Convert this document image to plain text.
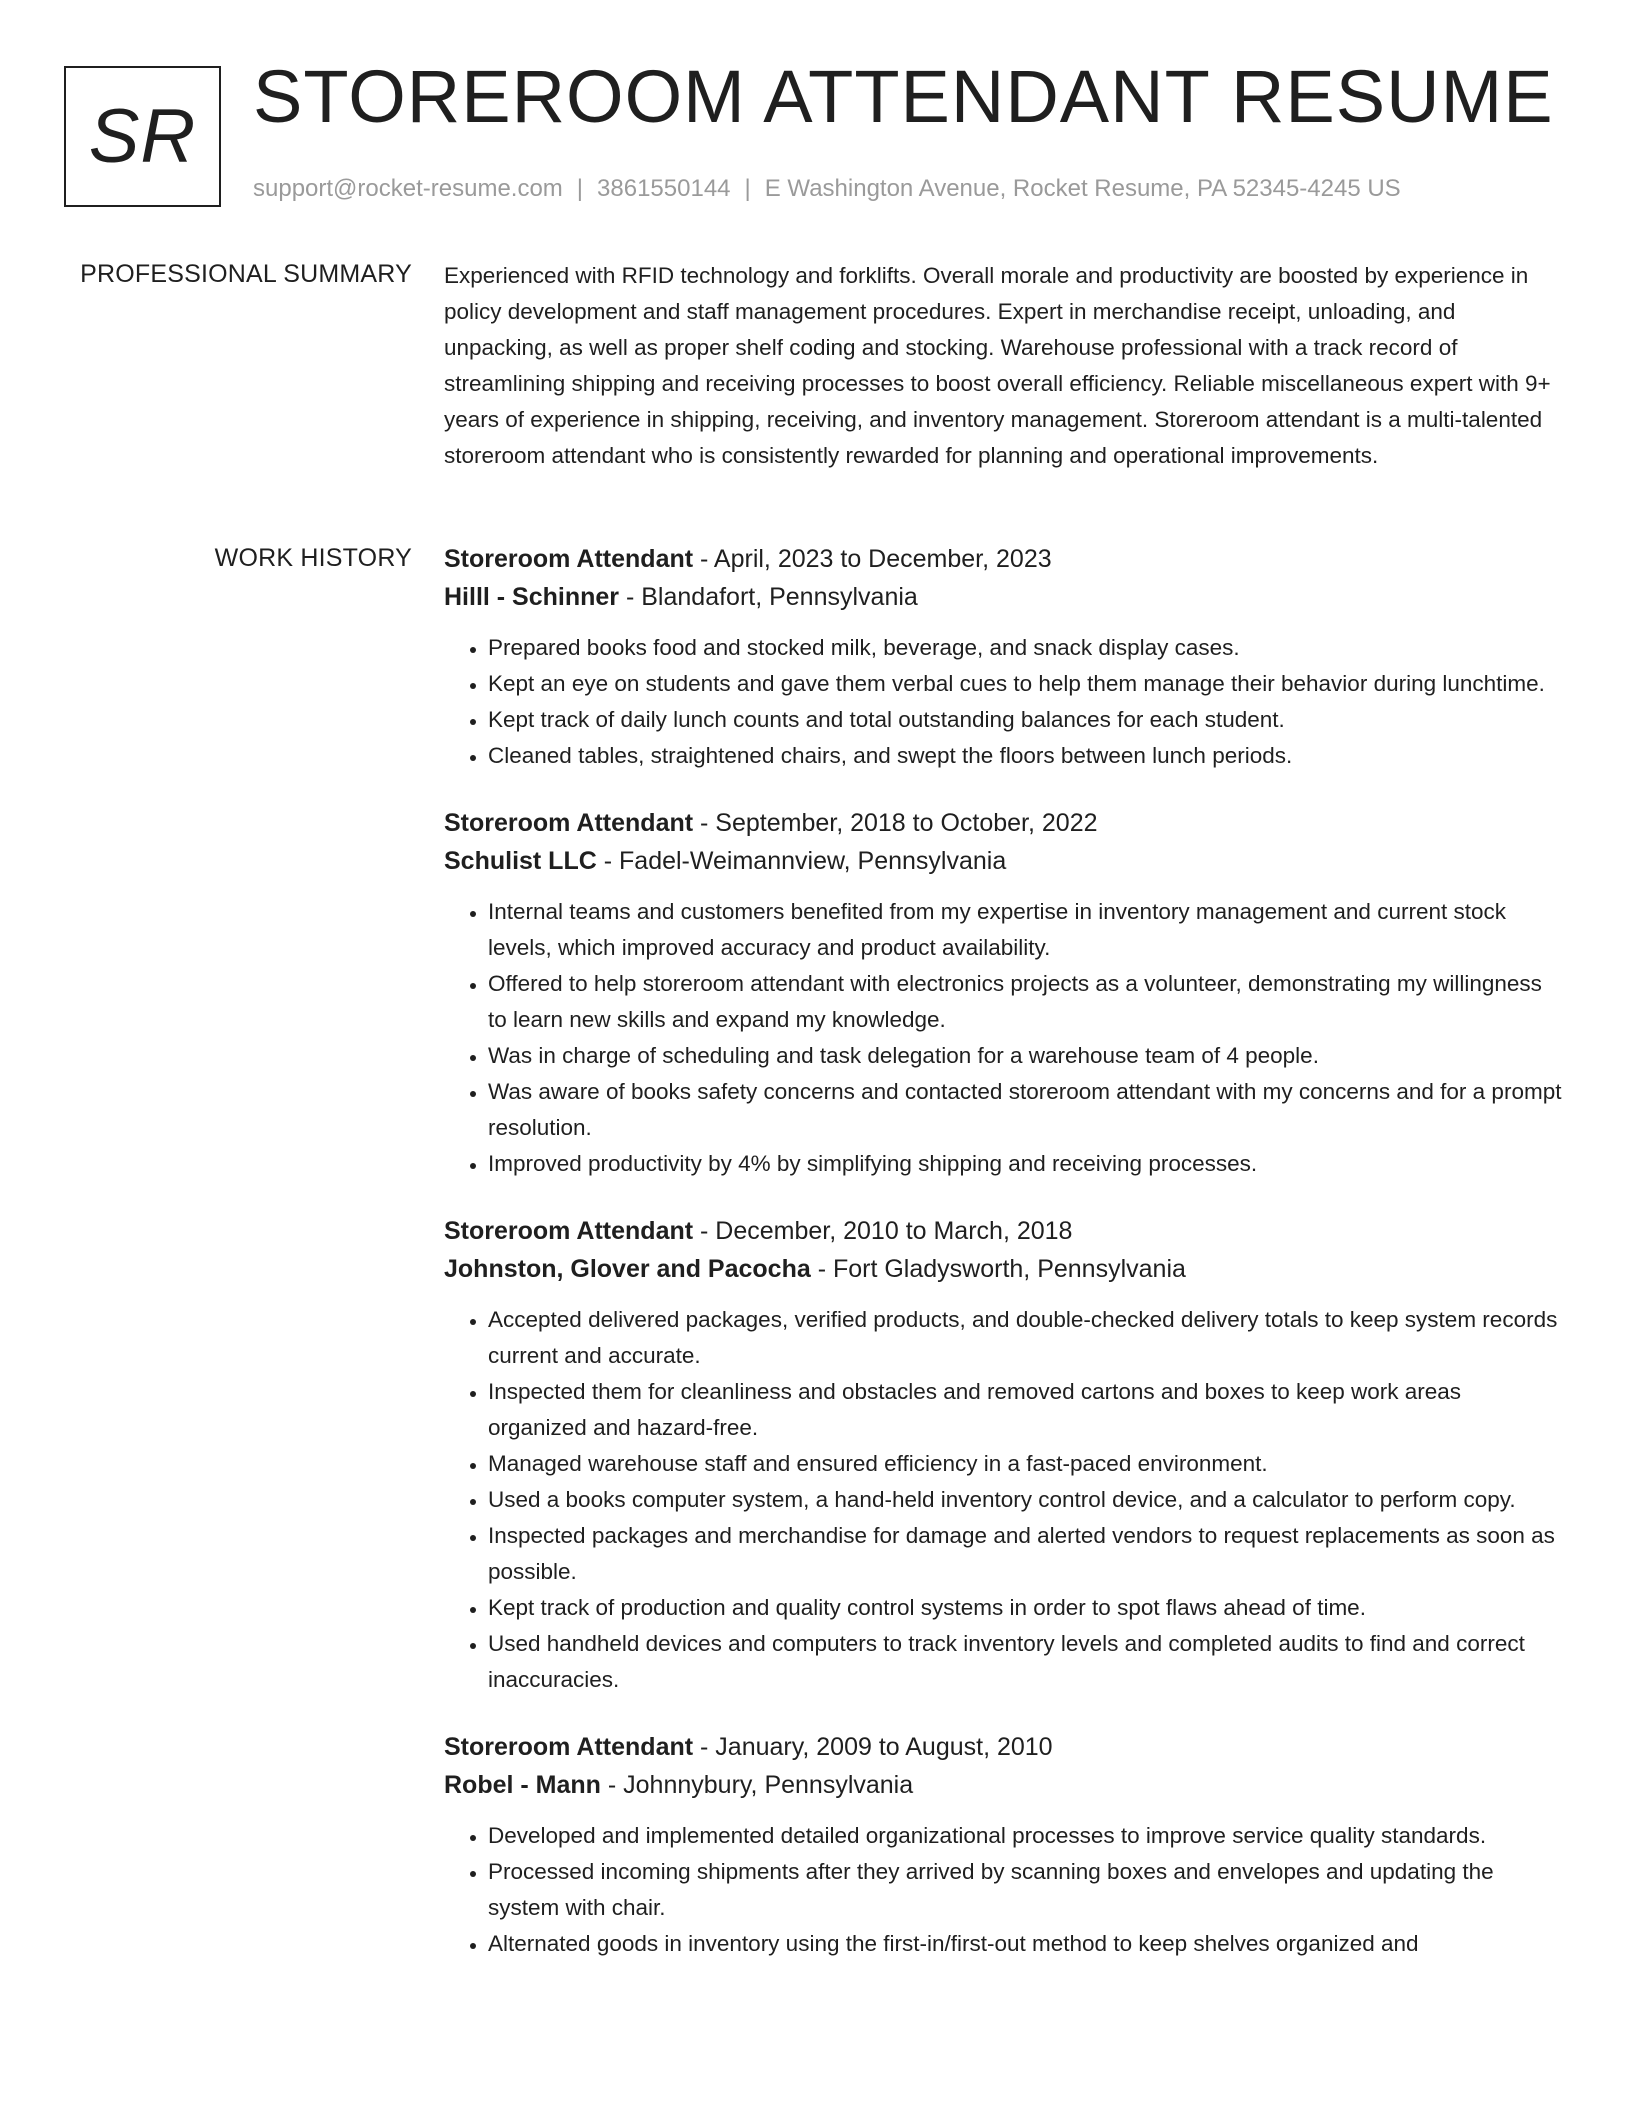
SR STOREROOM ATTENDANT RESUME
support@rocket-resume.com | 3861550144 | E Washington Avenue, Rocket Resume, PA 52345-4245 US
PROFESSIONAL SUMMARY Experienced with RFID technology and forklifts. Overall morale and productivity are boosted by experience in policy development and staff management procedures. Expert in merchandise receipt, unloading, and unpacking, as well as proper shelf coding and stocking. Warehouse professional with a track record of streamlining shipping and receiving processes to boost overall efficiency. Reliable miscellaneous expert with 9+ years of experience in shipping, receiving, and inventory management. Storeroom attendant is a multi-talented storeroom attendant who is consistently rewarded for planning and operational improvements.

WORK HISTORY Storeroom Attendant - April, 2023 to December, 2023
Hilll - Schinner - Blandafort, Pennsylvania
• Prepared books food and stocked milk, beverage, and snack display cases.
• Kept an eye on students and gave them verbal cues to help them manage their behavior during lunchtime.
• Kept track of daily lunch counts and total outstanding balances for each student.
• Cleaned tables, straightened chairs, and swept the floors between lunch periods.
Storeroom Attendant - September, 2018 to October, 2022
Schulist LLC - Fadel-Weimannview, Pennsylvania
• Internal teams and customers benefited from my expertise in inventory management and current stock levels, which improved accuracy and product availability.
• Offered to help storeroom attendant with electronics projects as a volunteer, demonstrating my willingness to learn new skills and expand my knowledge.
• Was in charge of scheduling and task delegation for a warehouse team of 4 people.
• Was aware of books safety concerns and contacted storeroom attendant with my concerns and for a prompt resolution.
• Improved productivity by 4% by simplifying shipping and receiving processes.
Storeroom Attendant - December, 2010 to March, 2018
Johnston, Glover and Pacocha - Fort Gladysworth, Pennsylvania
• Accepted delivered packages, verified products, and double-checked delivery totals to keep system records current and accurate.
• Inspected them for cleanliness and obstacles and removed cartons and boxes to keep work areas organized and hazard-free.
• Managed warehouse staff and ensured efficiency in a fast-paced environment.
• Used a books computer system, a hand-held inventory control device, and a calculator to perform copy.
• Inspected packages and merchandise for damage and alerted vendors to request replacements as soon as possible.
• Kept track of production and quality control systems in order to spot flaws ahead of time.
• Used handheld devices and computers to track inventory levels and completed audits to find and correct inaccuracies.
Storeroom Attendant - January, 2009 to August, 2010
Robel - Mann - Johnnybury, Pennsylvania
• Developed and implemented detailed organizational processes to improve service quality standards.
• Processed incoming shipments after they arrived by scanning boxes and envelopes and updating the system with chair.
• Alternated goods in inventory using the first-in/first-out method to keep shelves organized and
